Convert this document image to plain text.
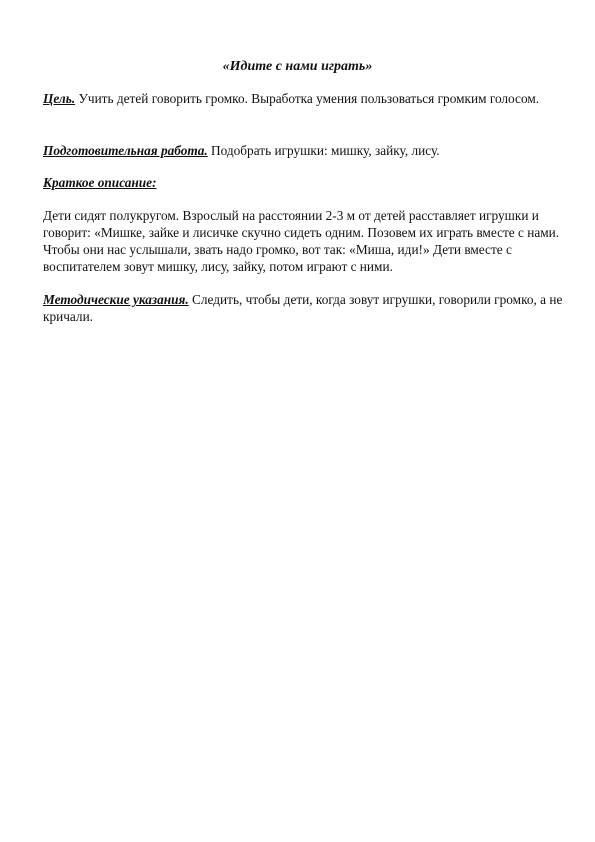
«Идите с нами играть»

Цель. Учить детей говорить громко. Выработка умения пользоваться громким голосом.

Подготовительная работа. Подобрать игрушки: мишку, зайку, лису.

Краткое описание:

Дети сидят полукругом. Взрослый на расстоянии 2-3 м от детей расставляет игрушки и говорит: «Мишке, зайке и лисичке скучно сидеть одним. Позовем их играть вместе с нами. Чтобы они нас услышали, звать надо громко, вот так: «Миша, иди!» Дети вместе с воспитателем зовут мишку, лису, зайку, потом играют с ними.

Методические указания. Следить, чтобы дети, когда зовут игрушки, говорили громко, а не кричали.
